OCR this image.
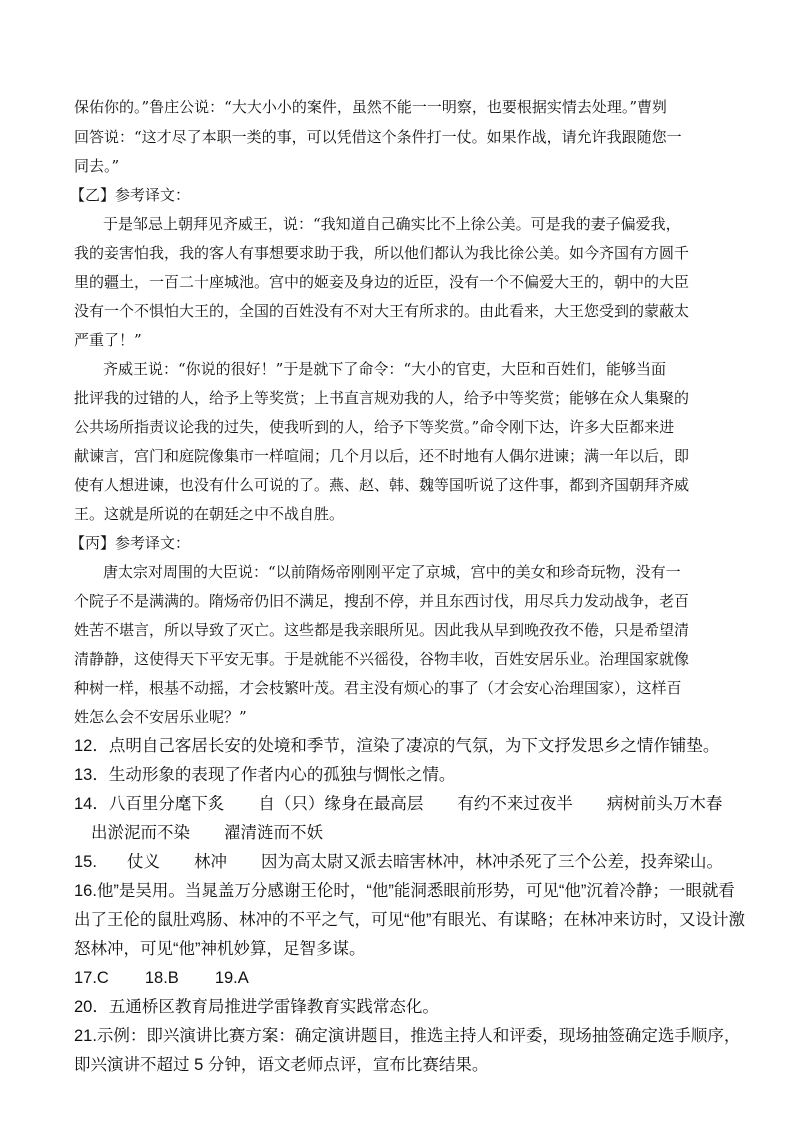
保佑你的。”鲁庄公说：“大大小小的案件，虽然不能一一明察，也要根据实情去处理。”曹刿
回答说：“这才尽了本职一类的事，可以凭借这个条件打一仗。如果作战，请允许我跟随您一
同去。”
【乙】参考译文：
于是邹忌上朝拜见齐威王，说：“我知道自己确实比不上徐公美。可是我的妻子偏爱我，
我的妾害怕我，我的客人有事想要求助于我，所以他们都认为我比徐公美。如今齐国有方圆千
里的疆土，一百二十座城池。宫中的姬妾及身边的近臣，没有一个不偏爱大王的，朝中的大臣
没有一个不惧怕大王的，全国的百姓没有不对大王有所求的。由此看来，大王您受到的蒙蔽太
严重了！”
齐威王说：“你说的很好！”于是就下了命令：“大小的官吏，大臣和百姓们，能够当面
批评我的过错的人，给予上等奖赏；上书直言规劝我的人，给予中等奖赏；能够在众人集聚的
公共场所指责议论我的过失，使我听到的人，给予下等奖赏。”命令刚下达，许多大臣都来进
献谏言，宫门和庭院像集市一样喧闹；几个月以后，还不时地有人偶尔进谏；满一年以后，即
使有人想进谏，也没有什么可说的了。燕、赵、韩、魏等国听说了这件事，都到齐国朝拜齐威
王。这就是所说的在朝廷之中不战自胜。
【丙】参考译文：
唐太宗对周围的大臣说：“以前隋炀帝刚刚平定了京城，宫中的美女和珍奇玩物，没有一
个院子不是满满的。隋炀帝仍旧不满足，搜刮不停，并且东西讨伐，用尽兵力发动战争，老百
姓苦不堪言，所以导致了灭亡。这些都是我亲眼所见。因此我从早到晚孜孜不倦，只是希望清
清静静，这使得天下平安无事。于是就能不兴徭役，谷物丰收，百姓安居乐业。治理国家就像
种树一样，根基不动摇，才会枝繁叶茂。君主没有烦心的事了（才会安心治理国家），这样百
姓怎么会不安居乐业呢？”
12．点明自己客居长安的处境和季节，渲染了凄凉的气氛，为下文抒发思乡之情作铺垫。
13．生动形象的表现了作者内心的孤独与惆怅之情。
14．八百里分麾下炙 自（只）缘身在最高层 有约不来过夜半 病树前头万木春
出淤泥而不染 濯清涟而不妖
15. 仗义 林冲 因为高太尉又派去暗害林冲，林冲杀死了三个公差，投奔梁山。
16.他”是吴用。当晁盖万分感谢王伦时，“他”能洞悉眼前形势，可见“他”沉着冷静；一眼就看
出了王伦的鼠肚鸡肠、林冲的不平之气，可见“他”有眼光、有谋略；在林冲来访时，又设计激
怒林冲，可见“他”神机妙算，足智多谋。
17.C 18.B 19.A
20．五通桥区教育局推进学雷锋教育实践常态化。
21.示例：即兴演讲比赛方案：确定演讲题目，推选主持人和评委，现场抽签确定选手顺序，
即兴演讲不超过 5 分钟，语文老师点评，宣布比赛结果。
